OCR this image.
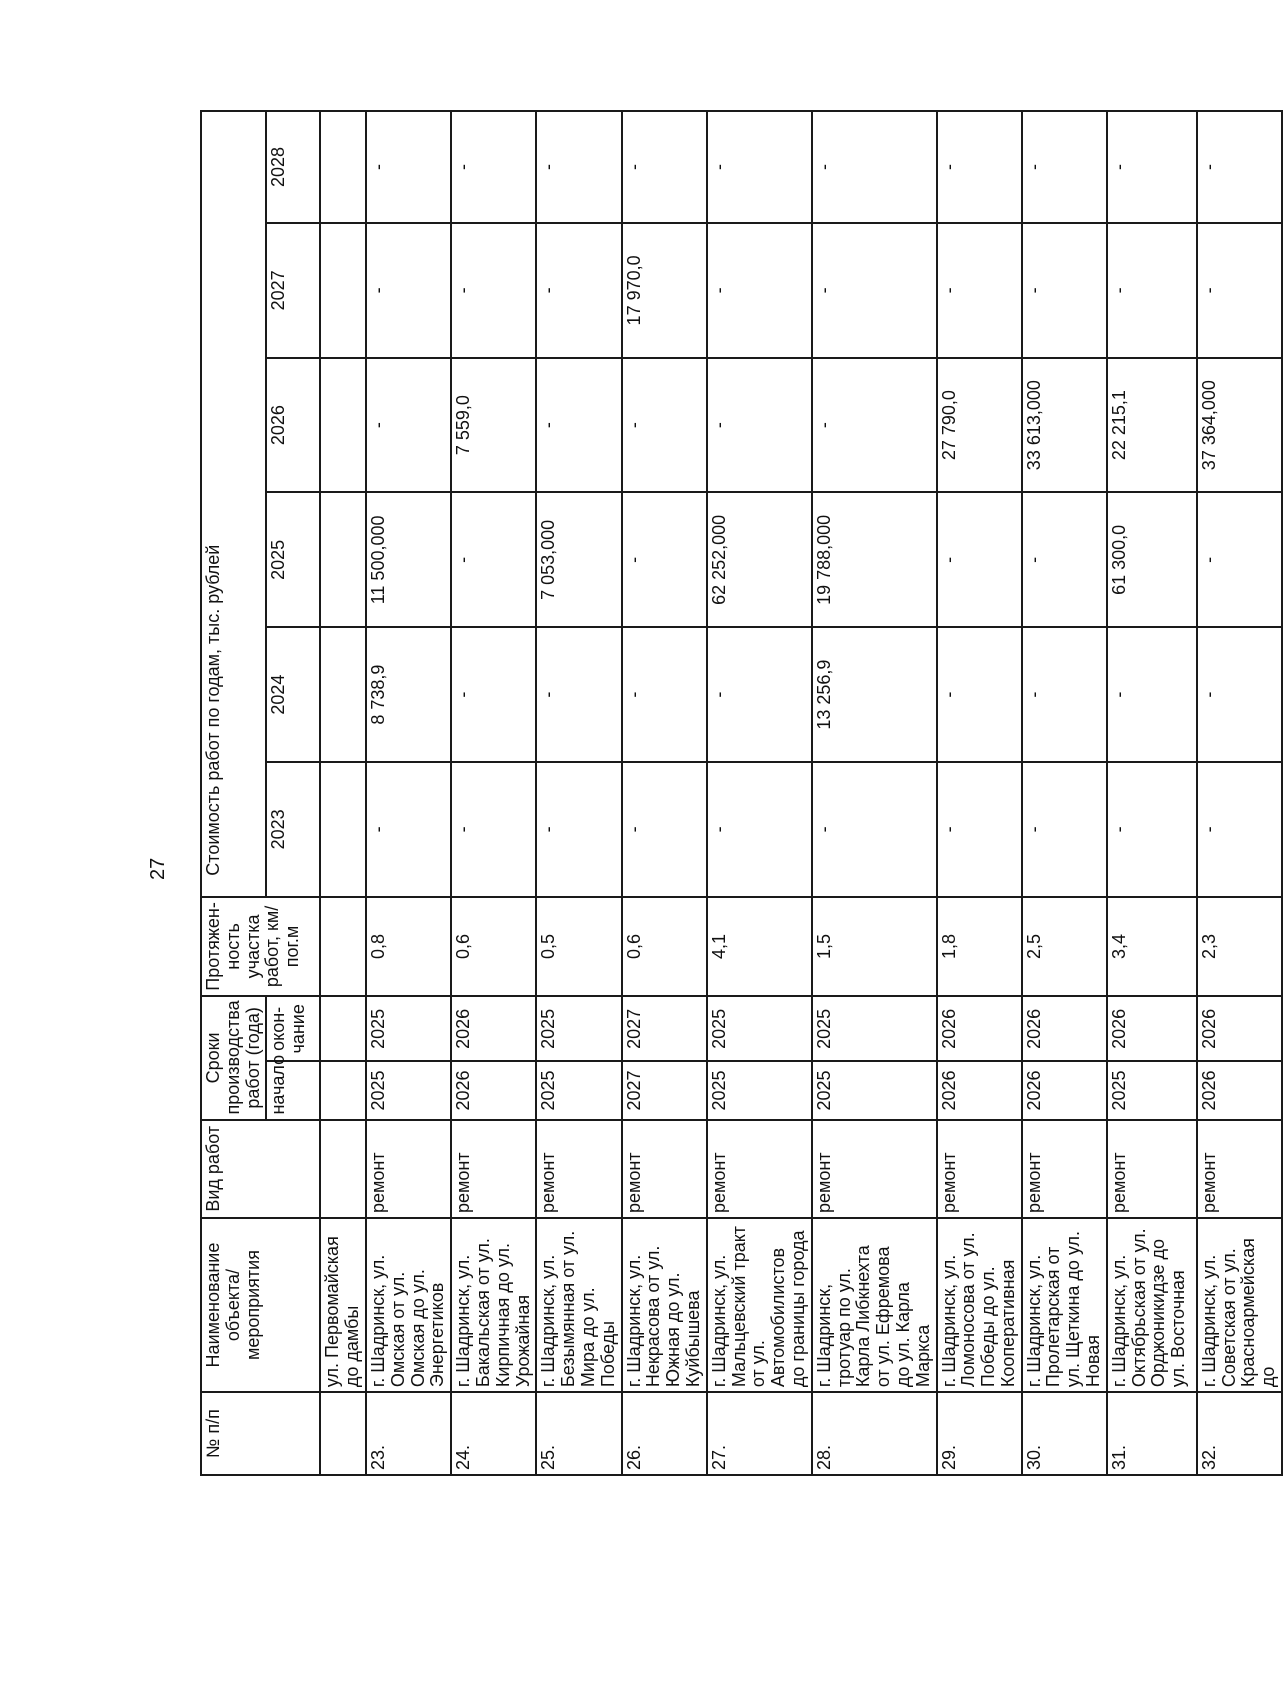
27
№ п/п	Наименование объекта/ мероприятия	Вид работ	Сроки производства работ (года)		Протяжен-ность участка работ, км/ пог.м	Стоимость работ по годам, тыс. рублей					
			начало	окон-чание		2023	2024	2025	2026	2027	2028
	ул. Первомайская до дамбы										
23.	г. Шадринск, ул. Омская от ул. Омская до ул. Энергетиков	ремонт	2025	2025	0,8	-	8 738,9	11 500,000	-	-	-
24.	г. Шадринск, ул. Бакальская от ул. Кирпичная до ул. Урожайная	ремонт	2026	2026	0,6	-	-	-	7 559,0	-	-
25.	г. Шадринск, ул. Безымянная от ул. Мира до ул. Победы	ремонт	2025	2025	0,5	-	-	7 053,000	-	-	-
26.	г. Шадринск, ул. Некрасова от ул. Южная до ул. Куйбышева	ремонт	2027	2027	0,6	-	-	-	-	17 970,0	-
27.	г. Шадринск, ул. Мальцевский тракт от ул. Автомобилистов до границы города	ремонт	2025	2025	4,1	-	-	62 252,000	-	-	-
28.	г. Шадринск, тротуар по ул. Карла Либкнехта от ул. Ефремова до ул. Карла Маркса	ремонт	2025	2025	1,5	-	13 256,9	19 788,000	-	-	-
29.	г. Шадринск, ул. Ломоносова от ул. Победы до ул. Кооперативная	ремонт	2026	2026	1,8	-	-	-	27 790,0	-	-
30.	г. Шадринск, ул. Пролетарская от ул. Щеткина до ул. Новая	ремонт	2026	2026	2,5	-	-	-	33 613,000	-	-
31.	г. Шадринск, ул. Октябрьская от ул. Орджоникидзе до ул. Восточная	ремонт	2025	2026	3,4	-	-	61 300,0	22 215,1	-	-
32.	г. Шадринск, ул. Советская от ул. Красноармейская до	ремонт	2026	2026	2,3	-	-	-	37 364,000	-	-
